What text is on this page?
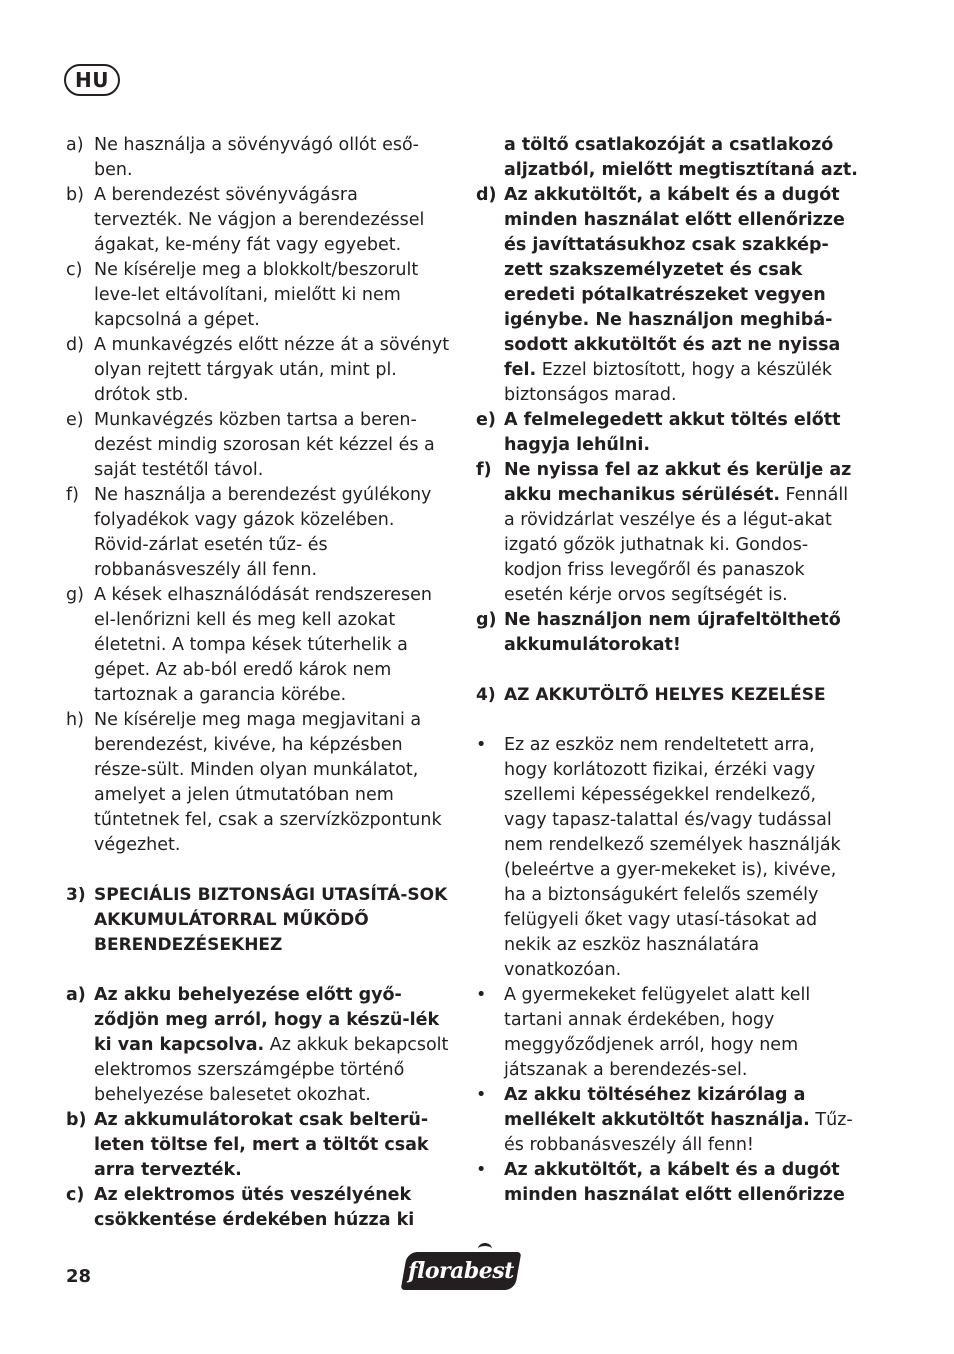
HU
a) Ne használja a sövényvágó ollót eső-ben.
b) A berendezést sövényvágásra tervezték. Ne vágjon a berendezéssel ágakat, ke-mény fát vagy egyebet.
c) Ne kísérelje meg a blokkolt/beszorult leve-let eltávolítani, mielőtt ki nem kapcsolná a gépet.
d) A munkavégzés előtt nézze át a sövényt olyan rejtett tárgyak után, mint pl. drótok stb.
e) Munkavégzés közben tartsa a beren-dezést mindig szorosan két kézzel és a saját testétől távol.
f) Ne használja a berendezést gyúlékony folyadékok vagy gázok közelében. Rövid-zárlat esetén tűz- és robbanásveszély áll fenn.
g) A kések elhasználódását rendszeresen el-lenőrizni kell és meg kell azokat életetni. A tompa kések túterhelik a gépet. Az ab-ból eredő károk nem tartoznak a garancia körébe.
h) Ne kísérelje meg maga megjavitani a berendezést, kivéve, ha képzésben része-sült. Minden olyan munkálatot, amelyet a jelen útmutatóban nem tűntetnek fel, csak a szervízközpontunk végezhet.
3) SPECIÁLIS BIZTONSÁGI UTASÍTÁ-SOK AKKUMULÁTORRAL MŰKÖDŐ BERENDEZÉSEKHEZ
a) Az akku behelyezése előtt győ-ződjön meg arról, hogy a készü-lék ki van kapcsolva. Az akkuk bekapcsolt elektromos szerszámgépbe történő behelyezése balesetet okozhat.
b) Az akkumulátorokat csak belterü-leten töltse fel, mert a töltőt csak arra tervezték.
c) Az elektromos ütés veszélyének csökkentése érdekében húzza ki
a töltő csatlakozóját a csatlakozó aljzatból, mielőtt megtisztítaná azt.
d) Az akkutöltőt, a kábelt és a dugót minden használat előtt ellenőrizze és javíttatásukhoz csak szakkép-zett szakszemélyzetet és csak eredeti pótalkatrészeket vegyen igénybe. Ne használjon meghibá-sodott akkutöltőt és azt ne nyissa fel. Ezzel biztosított, hogy a készülék biztonságos marad.
e) A felmelegedett akkut töltés előtt hagyja lehűlni.
f) Ne nyissa fel az akkut és kerülje az akku mechanikus sérülését. Fennáll a rövidzárlat veszélye és a légut-akat izgató gőzök juthatnak ki. Gondos-kodjon friss levegőről és panaszok esetén kérje orvos segítségét is.
g) Ne használjon nem újrafeltölthető akkumulátorokat!
4) AZ AKKUTÖLTŐ HELYES KEZELÉSE
•	Ez az eszköz nem rendeltetett arra, hogy korlátozott fizikai, érzéki vagy szellemi képességekkel rendelkező, vagy tapasz-talattal és/vagy tudással nem rendelkező személyek használják (beleértve a gyer-mekeket is), kivéve, ha a biztonságukért felelős személy felügyeli őket vagy utasí-tásokat ad nekik az eszköz használatára vonatkozóan.
•	A gyermekeket felügyelet alatt kell tartani annak érdekében, hogy meggyőződjenek arról, hogy nem játszanak a berendezés-sel.
•	Az akku töltéséhez kizárólag a mellékelt akkutöltőt használja. Tűz- és robbanásveszély áll fenn!
•	Az akkutöltőt, a kábelt és a dugót minden használat előtt ellenőrizze
28	florabest
